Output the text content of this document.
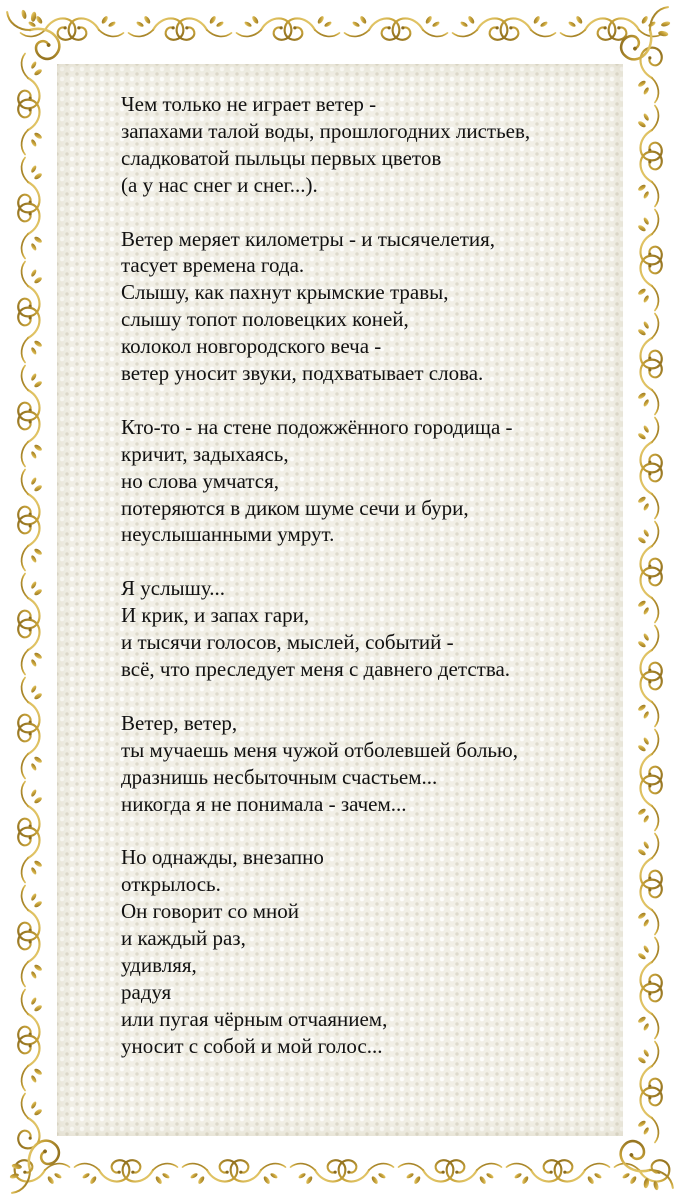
Чем только не играет ветер -
запахами талой воды, прошлогодних листьев,
сладковатой пыльцы первых цветов
(а у нас снег и снег...).

Ветер меряет километры - и тысячелетия,
тасует времена года.
Слышу, как пахнут крымские травы,
слышу топот половецких коней,
колокол новгородского веча -
ветер уносит звуки, подхватывает слова.

Кто-то - на стене подожжённого городища -
кричит, задыхаясь,
но слова умчатся,
потеряются в диком шуме сечи и бури,
неуслышанными умрут.

Я услышу...
И крик, и запах гари,
и тысячи голосов, мыслей, событий -
всё, что преследует меня с давнего детства.

Ветер, ветер,
ты мучаешь меня чужой отболевшей болью,
дразнишь несбыточным счастьем...
никогда я не понимала - зачем...

Но однажды, внезапно
открылось.
Он говорит со мной
и каждый раз,
удивляя,
радуя
или пугая чёрным отчаянием,
уносит с собой и мой голос...
